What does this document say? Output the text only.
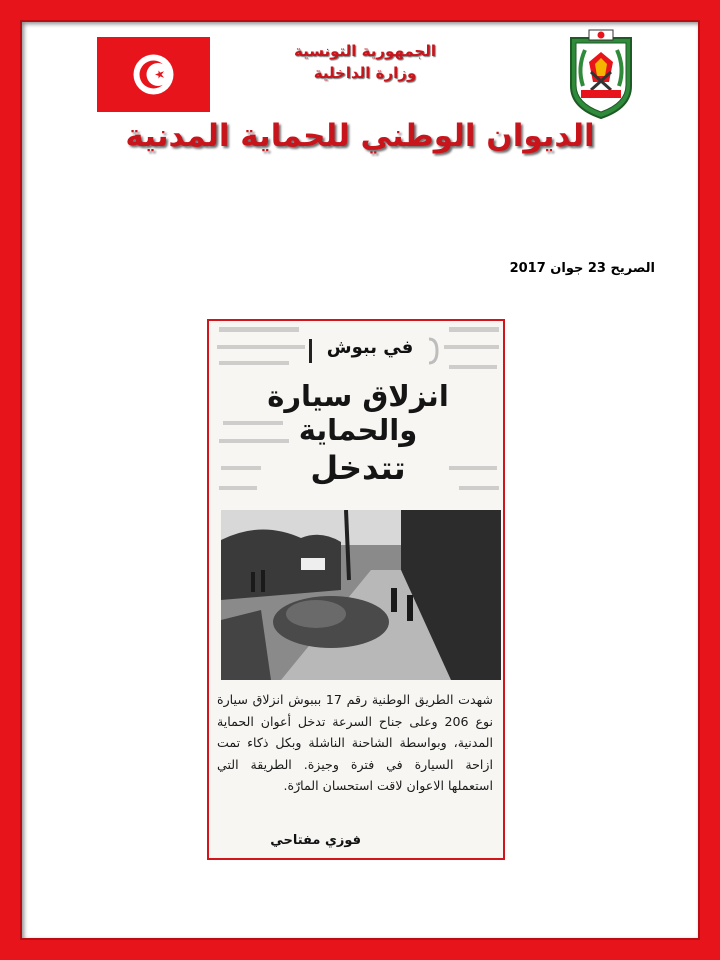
الجمهورية التونسية
وزارة الداخلية
الديوان الوطني للحماية المدنية
الصريح 23 جوان 2017
في ببوش
انزلاق سيارة والحماية
تتدخل
شهدت الطريق الوطنية رقم 17 بببوش انزلاق سيارة نوع 206 وعلى جناح السرعة تدخل أعوان الحماية المدنية، وبواسطة الشاحنة الناشلة وبكل ذكاء تمت ازاحة السيارة في فترة وجيزة. الطريقة التي استعملها الاعوان لاقت استحسان المارّة.
فوزي مفتاحي
